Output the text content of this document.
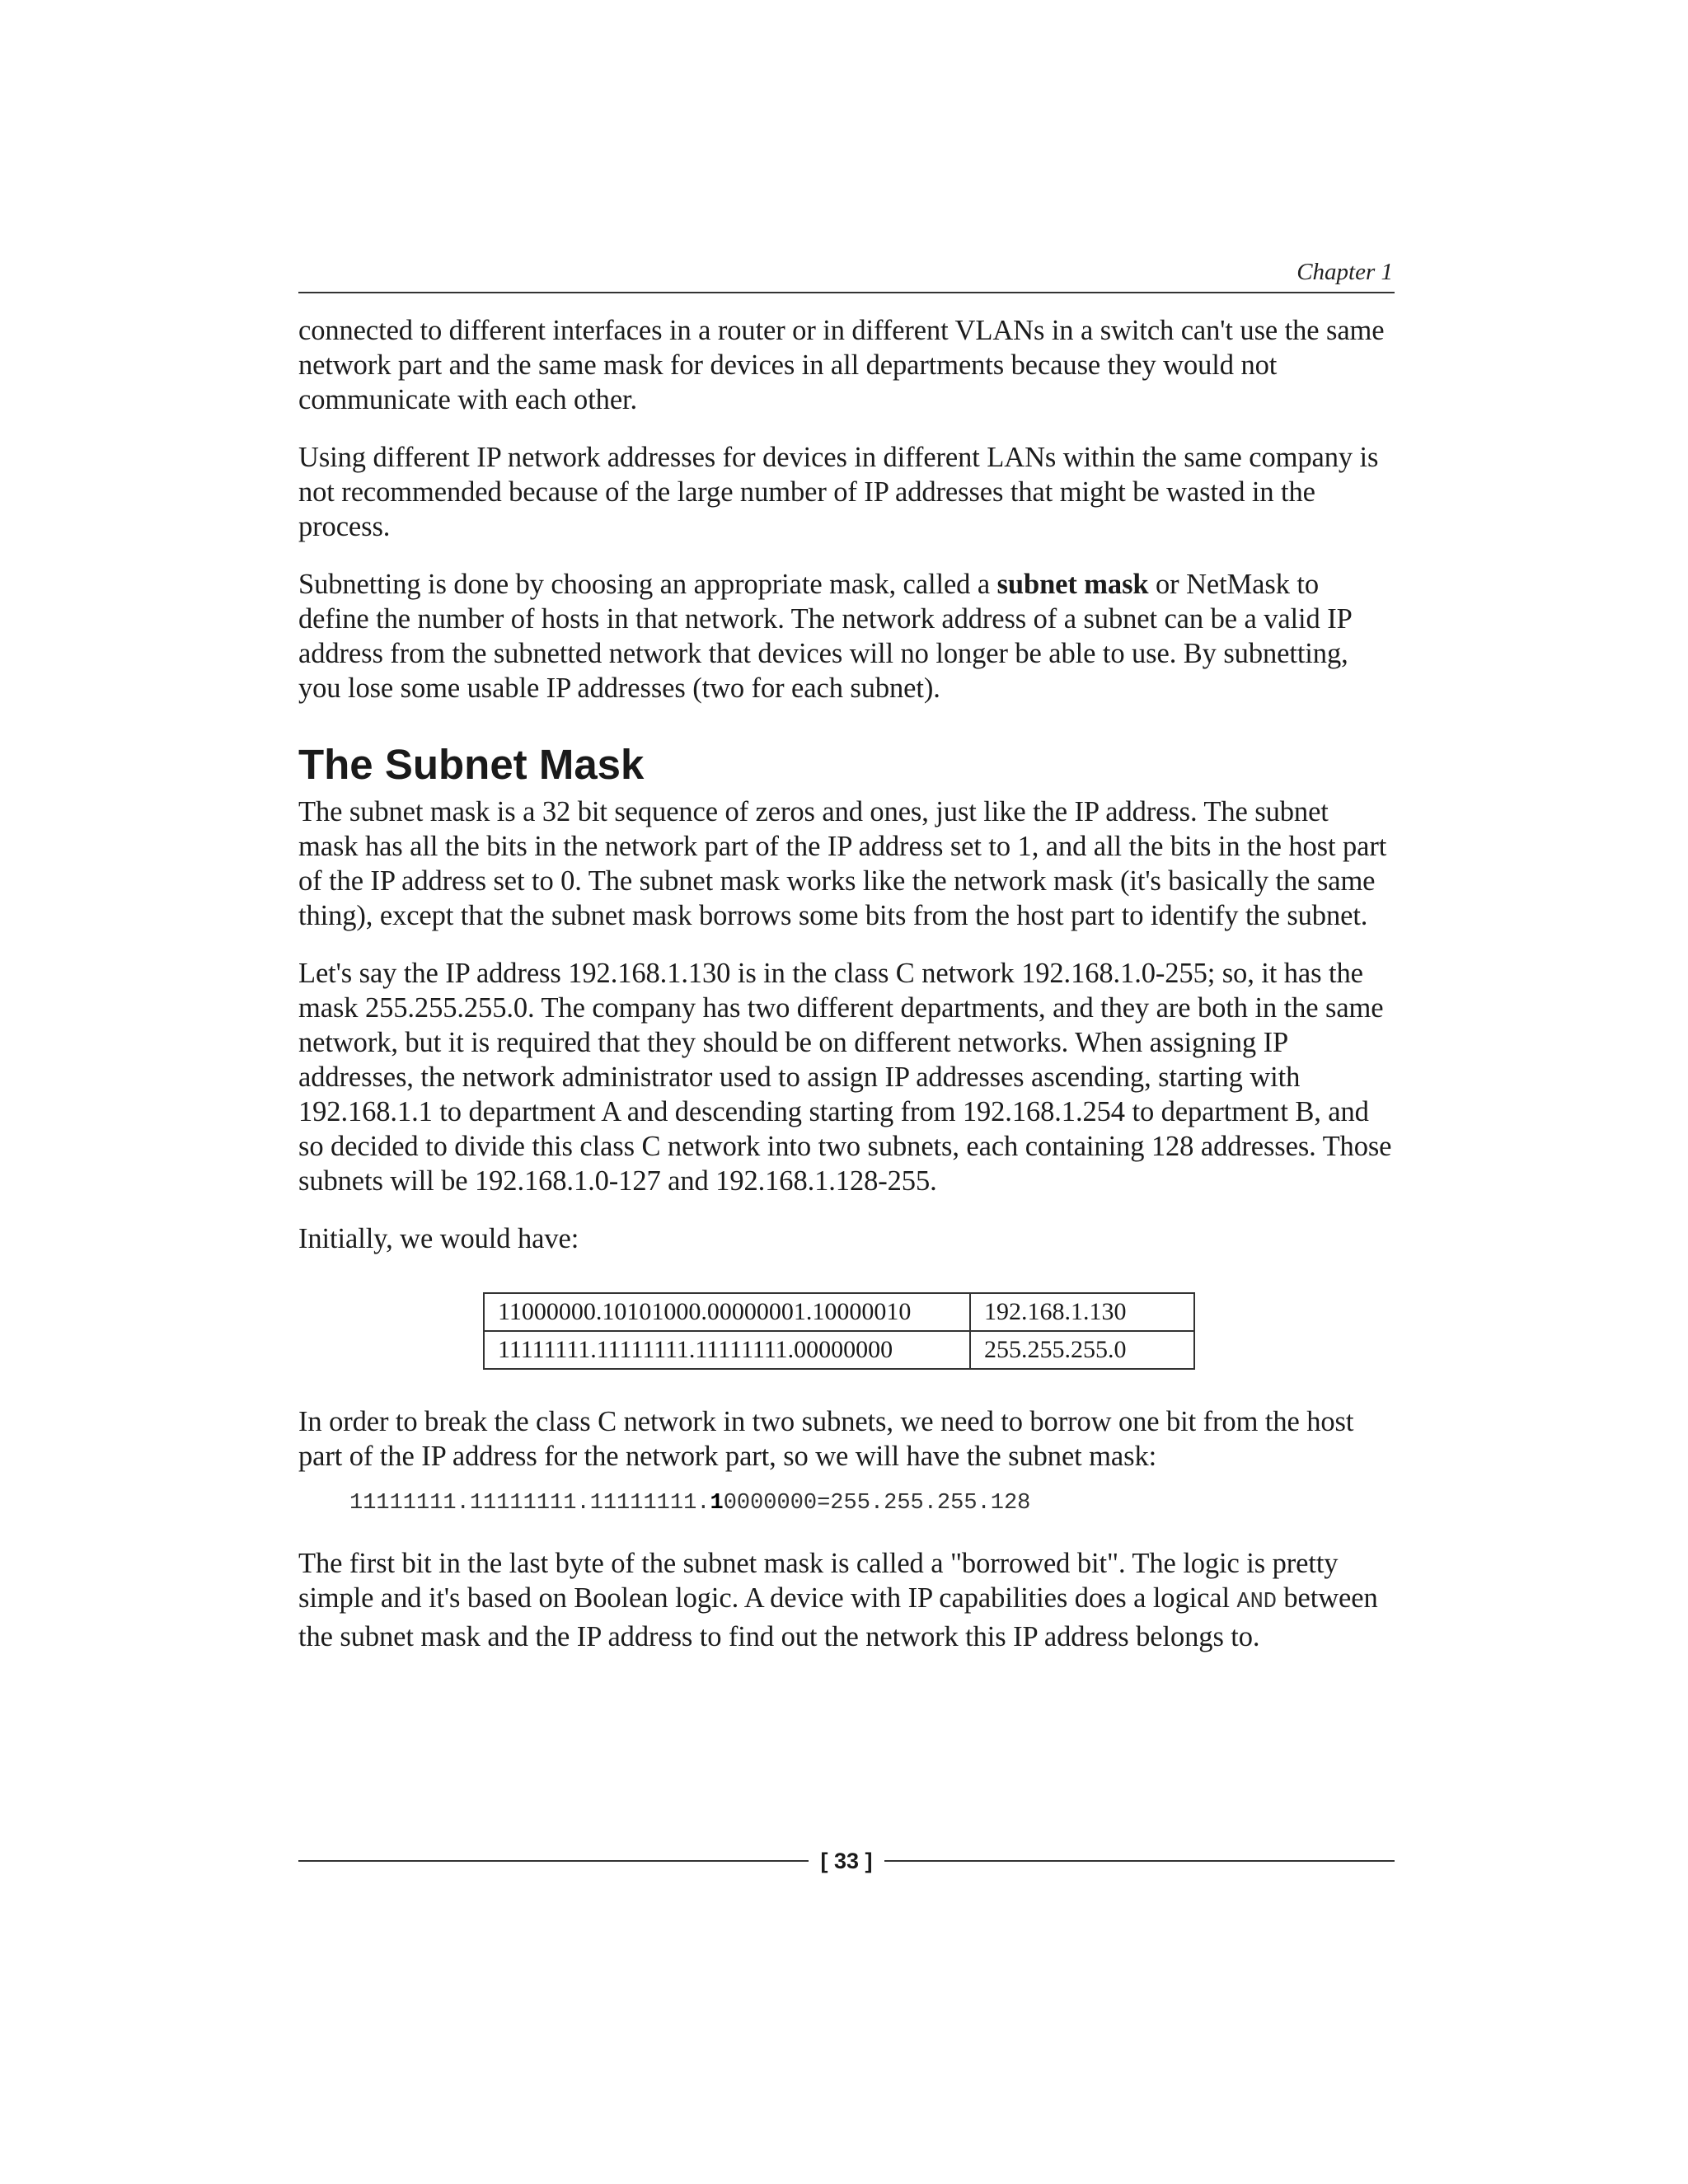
Chapter 1

connected to different interfaces in a router or in different VLANs in a switch can't use the same network part and the same mask for devices in all departments because they would not communicate with each other.

Using different IP network addresses for devices in different LANs within the same company is not recommended because of the large number of IP addresses that might be wasted in the process.

Subnetting is done by choosing an appropriate mask, called a subnet mask or NetMask to define the number of hosts in that network. The network address of a subnet can be a valid IP address from the subnetted network that devices will no longer be able to use. By subnetting, you lose some usable IP addresses (two for each subnet).

The Subnet Mask

The subnet mask is a 32 bit sequence of zeros and ones, just like the IP address. The subnet mask has all the bits in the network part of the IP address set to 1, and all the bits in the host part of the IP address set to 0. The subnet mask works like the network mask (it's basically the same thing), except that the subnet mask borrows some bits from the host part to identify the subnet.

Let's say the IP address 192.168.1.130 is in the class C network 192.168.1.0-255; so, it has the mask 255.255.255.0. The company has two different departments, and they are both in the same network, but it is required that they should be on different networks. When assigning IP addresses, the network administrator used to assign IP addresses ascending, starting with 192.168.1.1 to department A and descending starting from 192.168.1.254 to department B, and so decided to divide this class C network into two subnets, each containing 128 addresses. Those subnets will be 192.168.1.0-127 and 192.168.1.128-255.

Initially, we would have:

11000000.10101000.00000001.10000010	192.168.1.130
11111111.11111111.11111111.00000000	255.255.255.0

In order to break the class C network in two subnets, we need to borrow one bit from the host part of the IP address for the network part, so we will have the subnet mask:

11111111.11111111.11111111.10000000=255.255.255.128

The first bit in the last byte of the subnet mask is called a "borrowed bit". The logic is pretty simple and it's based on Boolean logic. A device with IP capabilities does a logical AND between the subnet mask and the IP address to find out the network this IP address belongs to.

[ 33 ]
